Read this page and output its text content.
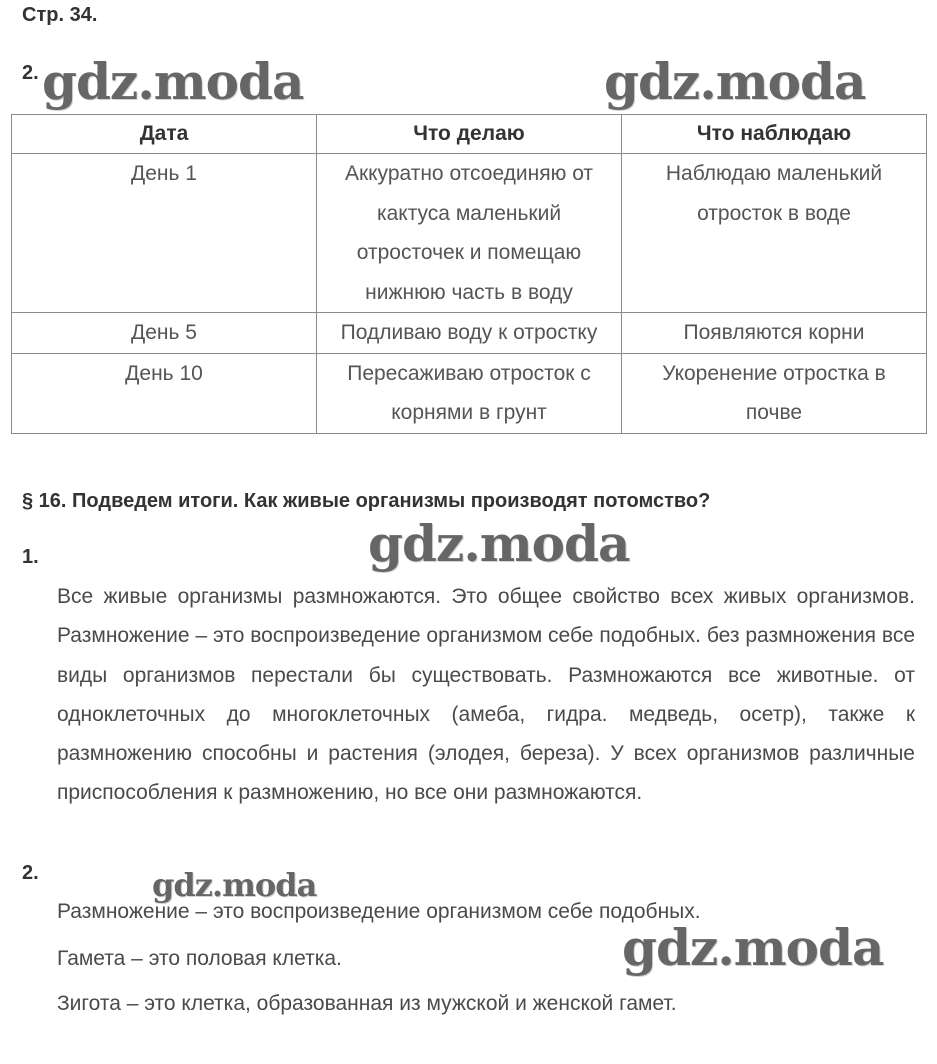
Стр. 34.
2.
Дата	Что делаю	Что наблюдаю
День 1	Аккуратно отсоединяю от кактуса маленький отросточек и помещаю нижнюю часть в воду	Наблюдаю маленький отросток в воде
День 5	Подливаю воду к отростку	Появляются корни
День 10	Пересаживаю отросток с корнями в грунт	Укоренение отростка в почве
§ 16. Подведем итоги. Как живые организмы производят потомство?
1.
Все живые организмы размножаются. Это общее свойство всех живых организмов. Размножение – это воспроизведение организмом себе подобных. без размножения все виды организмов перестали бы существовать. Размножаются все животные. от одноклеточных до многоклеточных (амеба, гидра. медведь, осетр), также к размножению способны и растения (элодея, береза). У всех организмов различные приспособления к размножению, но все они размножаются.
2.
Размножение – это воспроизведение организмом себе подобных.
Гамета – это половая клетка.
Зигота – это клетка, образованная из мужской и женской гамет.
gdz.moda	gdz.moda
gdz.moda
gdz.moda
gdz.moda
